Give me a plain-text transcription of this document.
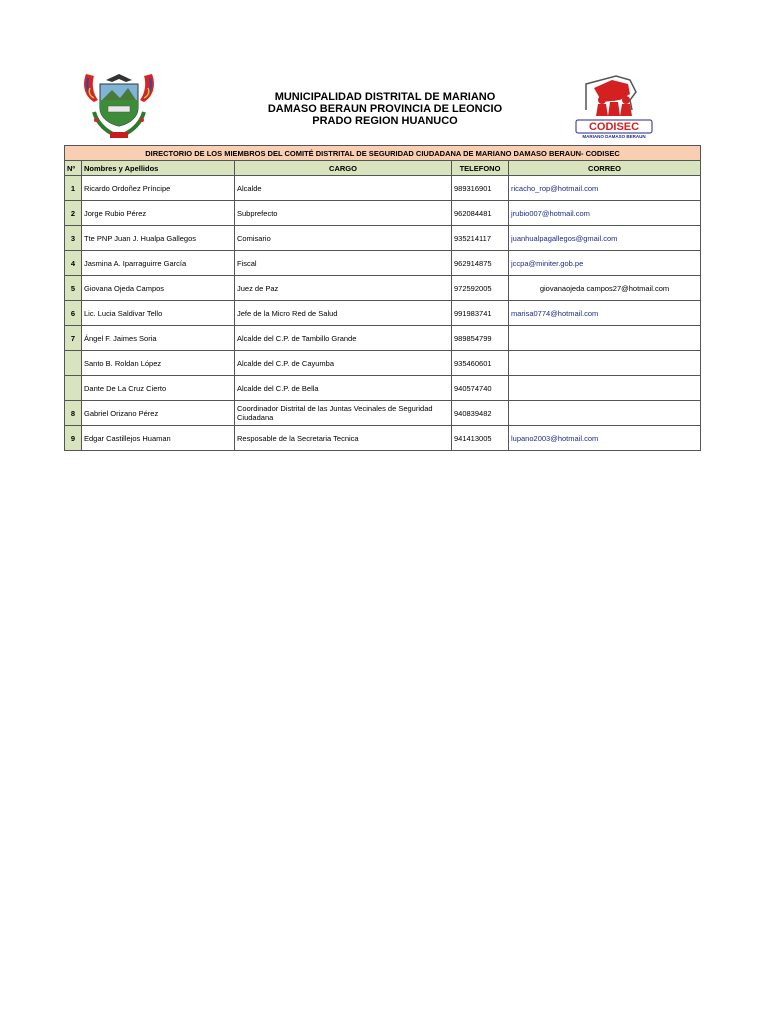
MUNICIPALIDAD DISTRITAL DE MARIANO
DAMASO BERAUN PROVINCIA DE LEONCIO
PRADO REGION HUANUCO	CODISEC
MARIANO DAMASO BERAUN
DIRECTORIO DE LOS MIEMBROS DEL COMITÉ DISTRITAL DE SEGURIDAD CIUDADANA DE MARIANO DAMASO BERAUN- CODISEC				
Nº	Nombres y Apellidos	CARGO	TELEFONO	CORREO
1	Ricardo Ordoñez Príncipe	Alcalde	989316901	ricacho_rop@hotmail.com
2	Jorge Rubio Pérez	Subprefecto	962084481	jrubio007@hotmail.com
3	Tte PNP Juan J. Hualpa Gallegos	Comisario	935214117	juanhualpagallegos@gmail.com
4	Jasmina A. Iparraguirre García	Fiscal	962914875	jccpa@miniter.gob.pe
5	Giovana Ojeda Campos	Juez de Paz	972592005	giovanaojeda campos27@hotmail.com
6	Lic. Lucia Saldivar Tello	Jefe de la Micro Red de Salud	991983741	marisa0774@hotmail.com
7	Ángel F. Jaimes Soria	Alcalde del C.P. de Tambillo Grande	989854799	
	Santo B. Roldan López	Alcalde del C.P. de Cayumba	935460601	
	Dante De La Cruz Cierto	Alcalde del C.P. de Bella	940574740	
8	Gabriel Orizano Pérez	Coordinador Distrital de las Juntas Vecinales de Seguridad Ciudadana	940839482	
9	Edgar Castillejos Huaman	Resposable de la Secretaria Tecnica	941413005	lupano2003@hotmail.com
